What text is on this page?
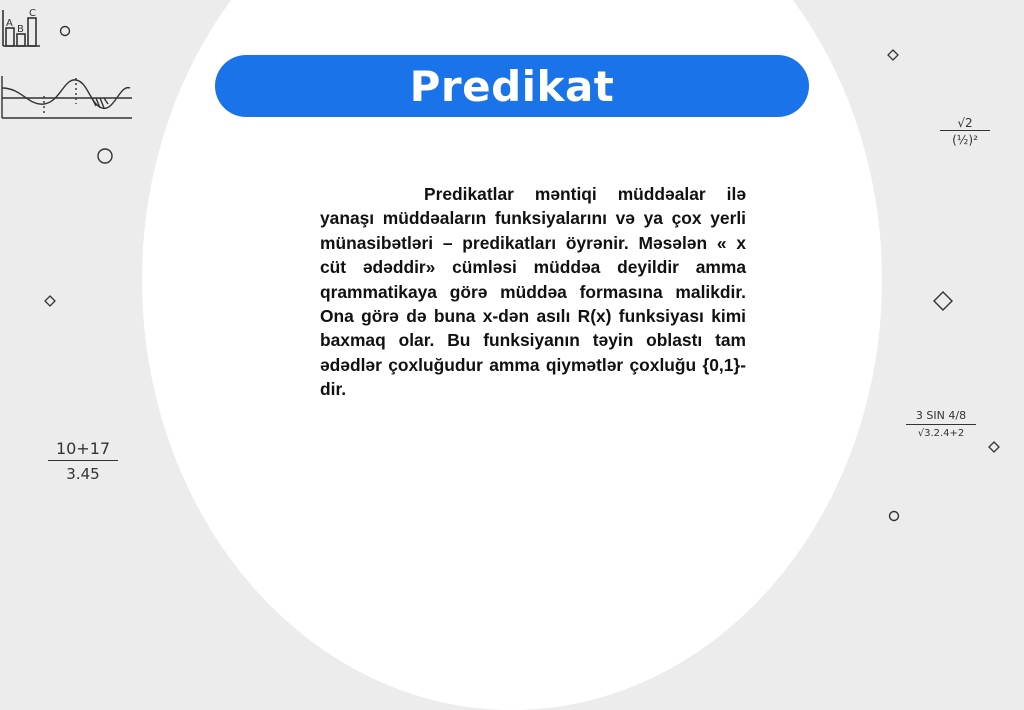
Predikat

Predikatlar məntiqi müddəalar ilə yanaşı müddəaların funksiyalarını və ya çox yerli münasibətləri – predikatları öyrənir. Məsələn « x cüt ədəddir» cümləsi müddəa deyildir amma qrammatikaya görə müddəa formasına malikdir. Ona görə də buna x-dən asılı R(x) funksiyası kimi baxmaq olar. Bu funksiyanın təyin oblastı tam ədədlər çoxluğudur amma qiymətlər çoxluğu {0,1}-dir.

A
B
C
$\frac{10+17}{3.45}$
√2
(½)²
3 SIN 4/8
√3.2.4+2
